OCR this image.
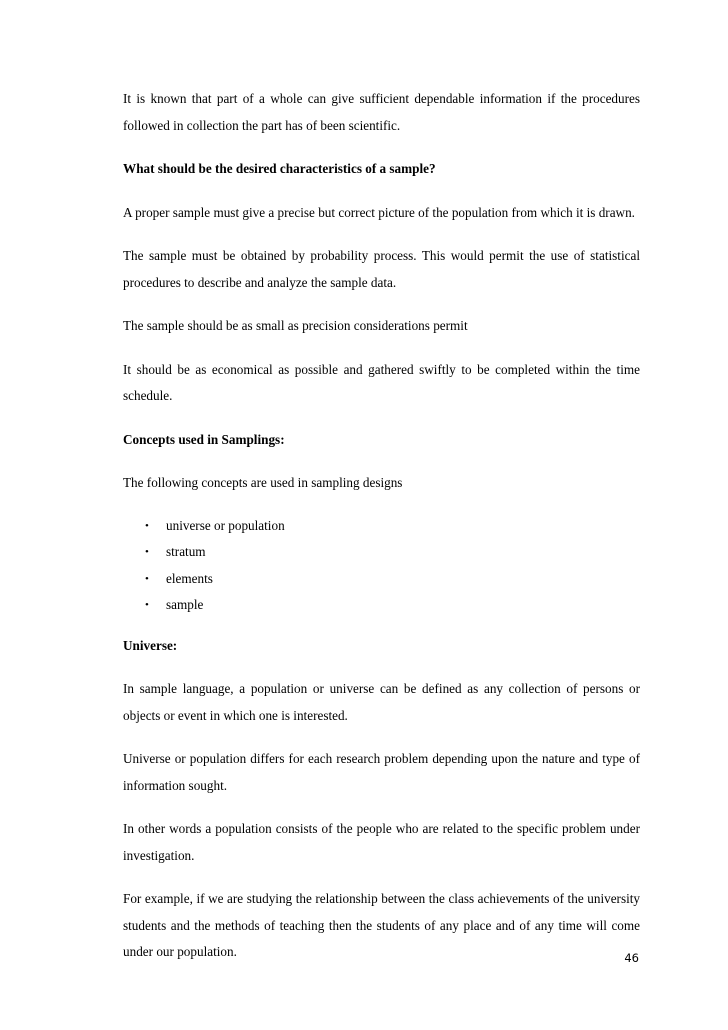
It is known that part of a whole can give sufficient dependable information if the procedures followed in collection the part has of been scientific.

What should be the desired characteristics of a sample?

A proper sample must give a precise but correct picture of the population from which it is drawn.

The sample must be obtained by probability process. This would permit the use of statistical procedures to describe and analyze the sample data.

The sample should be as small as precision considerations permit

It should be as economical as possible and gathered swiftly to be completed within the time schedule.

Concepts used in Samplings:

The following concepts are used in sampling designs

• universe or population
• stratum
• elements
• sample

Universe:

In sample language, a population or universe can be defined as any collection of persons or objects or event in which one is interested.

Universe or population differs for each research problem depending upon the nature and type of information sought.

In other words a population consists of the people who are related to the specific problem under investigation.

For example, if we are studying the relationship between the class achievements of the university students and the methods of teaching then the students of any place and of any time will come under our population.	46
